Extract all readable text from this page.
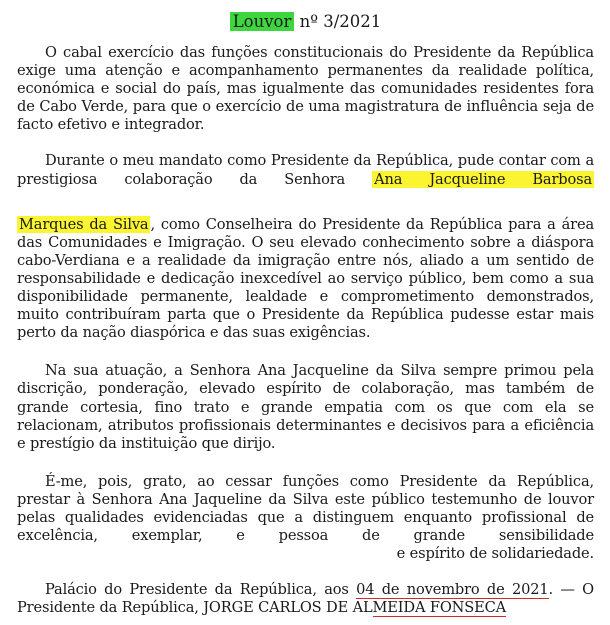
Louvor nº 3/2021

O cabal exercício das funções constitucionais do Presidente da República exige uma atenção e acompanhamento permanentes da realidade política, económica e social do país, mas igualmente das comunidades residentes fora de Cabo Verde, para que o exercício de uma magistratura de influência seja de facto efetivo e integrador.

Durante o meu mandato como Presidente da República, pude contar com a prestigiosa colaboração da Senhora Ana Jacqueline Barbosa

Marques da Silva , como Conselheira do Presidente da República para a área das Comunidades e Imigração. O seu elevado conhecimento sobre a diáspora cabo-Verdiana e a realidade da imigração entre nós, aliado a um sentido de responsabilidade e dedicação inexcedível ao serviço público, bem como a sua disponibilidade permanente, lealdade e comprometimento demonstrados, muito contribuíram parta que o Presidente da República pudesse estar mais perto da nação diaspórica e das suas exigências.

Na sua atuação, a Senhora Ana Jacqueline da Silva sempre primou pela discrição, ponderação, elevado espírito de colaboração, mas também de grande cortesia, fino trato e grande empatia com os que com ela se relacionam, atributos profissionais determinantes e decisivos para a eficiência e prestígio da instituição que dirijo.

É-me, pois, grato, ao cessar funções como Presidente da República, prestar à Senhora Ana Jaqueline da Silva este público testemunho de louvor pelas qualidades evidenciadas que a distinguem enquanto profissional de excelência, exemplar, e pessoa de grande sensibilidade

e espírito de solidariedade.

Palácio do Presidente da República, aos 04 de novembro de 2021. — O Presidente da República, JORGE CARLOS DE ALMEIDA FONSECA
